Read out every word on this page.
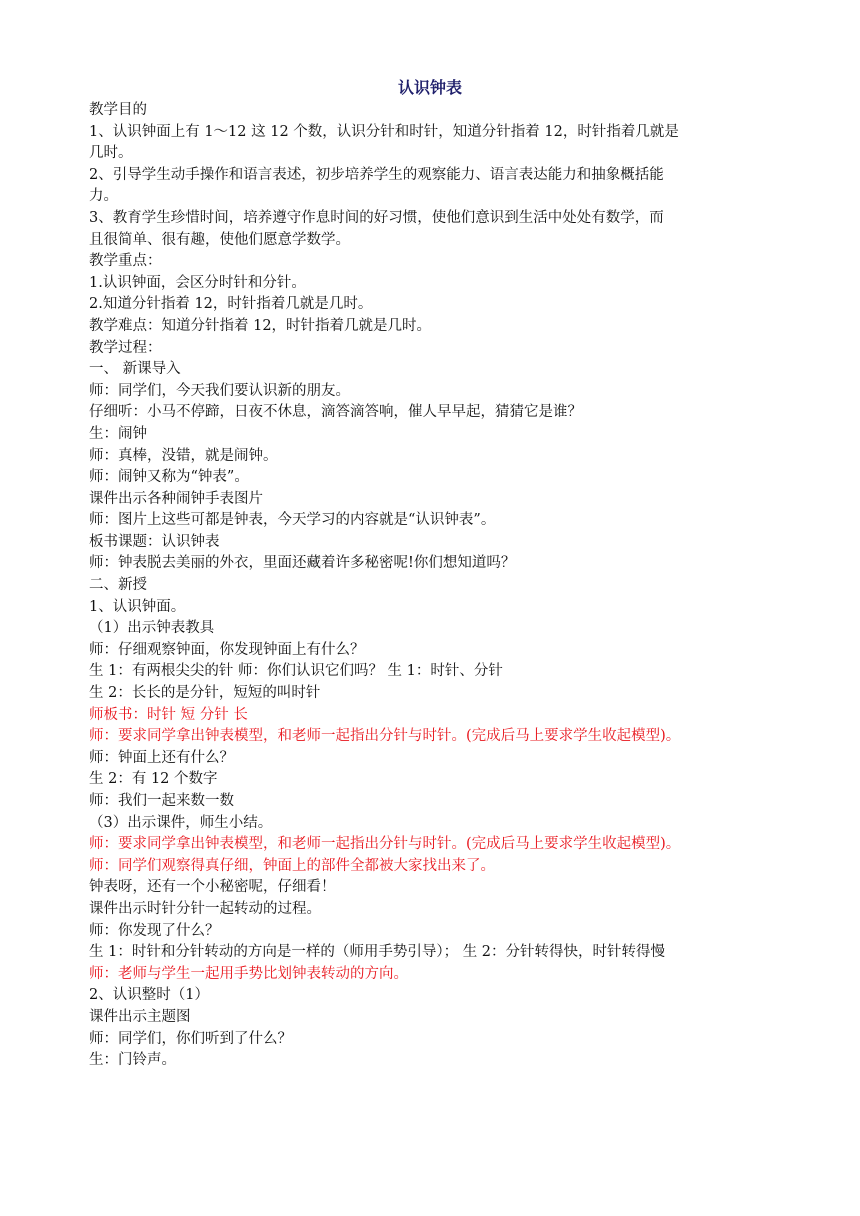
认识钟表
教学目的
1、认识钟面上有 1～12 这 12 个数，认识分针和时针，知道分针指着 12，时针指着几就是
几时。
2、引导学生动手操作和语言表述，初步培养学生的观察能力、语言表达能力和抽象概括能
力。
3、教育学生珍惜时间，培养遵守作息时间的好习惯，使他们意识到生活中处处有数学，而
且很简单、很有趣，使他们愿意学数学。
教学重点：
1.认识钟面，会区分时针和分针。
2.知道分针指着 12，时针指着几就是几时。
教学难点：知道分针指着 12，时针指着几就是几时。
教学过程：
一、 新课导入
师：同学们，今天我们要认识新的朋友。
仔细听：小马不停蹄，日夜不休息，滴答滴答响，催人早早起，猜猜它是谁？
生：闹钟
师：真棒，没错，就是闹钟。
师：闹钟又称为“钟表”。
课件出示各种闹钟手表图片
师：图片上这些可都是钟表，今天学习的内容就是“认识钟表”。
板书课题：认识钟表
师：钟表脱去美丽的外衣，里面还藏着许多秘密呢!你们想知道吗？
二、新授
1、认识钟面。
（1）出示钟表教具
师：仔细观察钟面，你发现钟面上有什么？
生 1：有两根尖尖的针 师：你们认识它们吗？ 生 1：时针、分针
生 2：长长的是分针，短短的叫时针
师板书：时针 短 分针 长
师：要求同学拿出钟表模型，和老师一起指出分针与时针。(完成后马上要求学生收起模型)。
师：钟面上还有什么？
生 2：有 12 个数字
师：我们一起来数一数
（3）出示课件，师生小结。
师：要求同学拿出钟表模型，和老师一起指出分针与时针。(完成后马上要求学生收起模型)。
师：同学们观察得真仔细，钟面上的部件全都被大家找出来了。
钟表呀，还有一个小秘密呢，仔细看！
课件出示时针分针一起转动的过程。
师：你发现了什么？
生 1：时针和分针转动的方向是一样的（师用手势引导）； 生 2：分针转得快，时针转得慢
师：老师与学生一起用手势比划钟表转动的方向。
2、认识整时（1）
课件出示主题图
师：同学们，你们听到了什么？
生：门铃声。
